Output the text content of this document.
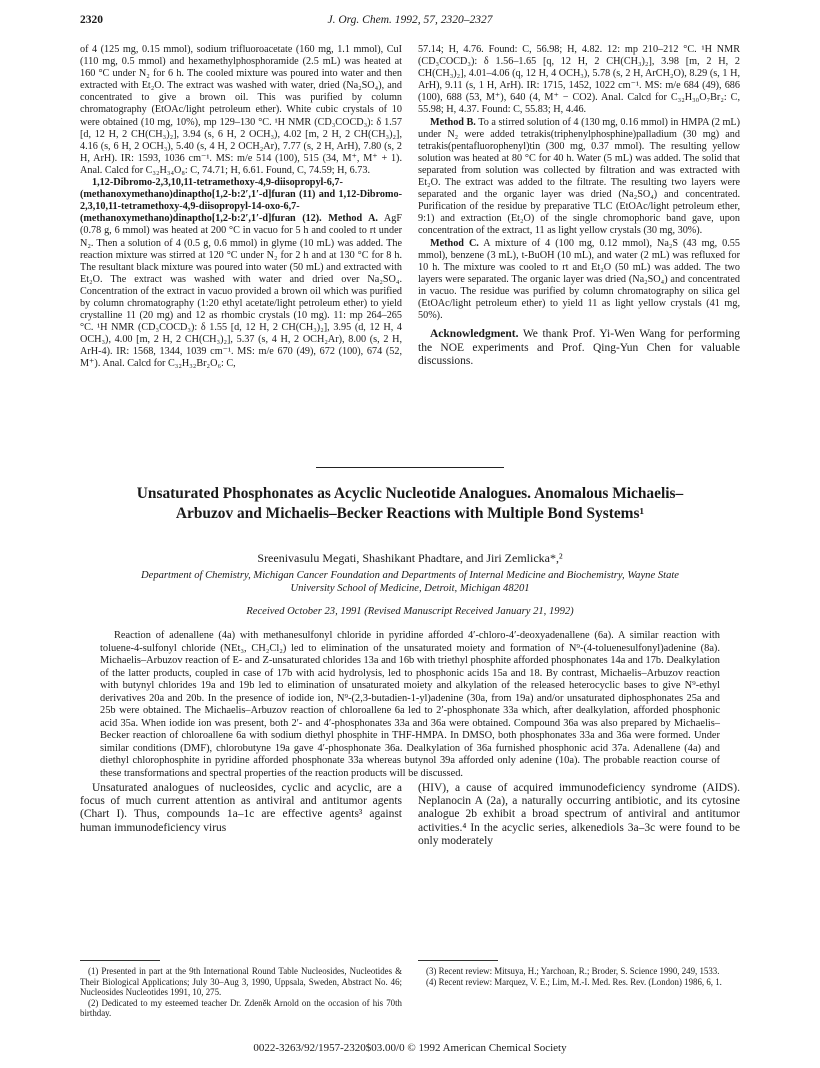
2320	J. Org. Chem. 1992, 57, 2320–2327

of 4 (125 mg, 0.15 mmol), sodium trifluoroacetate (160 mg, 1.1 mmol), CuI (110 mg, 0.5 mmol) and hexamethylphosphoramide (2.5 mL) was heated at 160 °C under N₂ for 6 h. The cooled mixture was poured into water and then extracted with Et₂O. The extract was washed with water, dried (Na₂SO₄), and concentrated to give a brown oil. This was purified by column chromatography (EtOAc/light petroleum ether). White cubic crystals of 10 were obtained (10 mg, 10%), mp 129–130 °C. ¹H NMR (CD₃COCD₃): δ 1.57 [d, 12 H, 2 CH(CH₃)₂], 3.94 (s, 6 H, 2 OCH₃), 4.02 [m, 2 H, 2 CH(CH₃)₂], 4.16 (s, 6 H, 2 OCH₃), 5.40 (s, 4 H, 2 OCH₂Ar), 7.77 (s, 2 H, ArH), 7.80 (s, 2 H, ArH). IR: 1593, 1036 cm⁻¹. MS: m/e 514 (100), 515 (34, M⁺, M⁺ + 1). Anal. Calcd for C₃₂H₃₄O₈: C, 74.71; H, 6.61. Found, C, 74.59; H, 6.73.

1,12-Dibromo-2,3,10,11-tetramethoxy-4,9-diisopropyl-6,7-(methanoxymethano)dinaptho[1,2-b:2′,1′-d]furan (11) and 1,12-Dibromo-2,3,10,11-tetramethoxy-4,9-diisopropyl-14-oxo-6,7-(methanoxymethano)dinaptho[1,2-b:2′,1′-d]furan (12). Method A. AgF (0.78 g, 6 mmol) was heated at 200 °C in vacuo for 5 h and cooled to rt under N₂. Then a solution of 4 (0.5 g, 0.6 mmol) in glyme (10 mL) was added. The reaction mixture was stirred at 120 °C under N₂ for 2 h and at 130 °C for 8 h. The resultant black mixture was poured into water (50 mL) and extracted with Et₂O. The extract was washed with water and dried over Na₂SO₄. Concentration of the extract in vacuo provided a brown oil which was purified by column chromatography (1:20 ethyl acetate/light petroleum ether) to yield crystalline 11 (20 mg) and 12 as rhombic crystals (10 mg). 11: mp 264–265 °C. ¹H NMR (CD₃COCD₃): δ 1.55 [d, 12 H, 2 CH(CH₃)₂], 3.95 (d, 12 H, 4 OCH₃), 4.00 [m, 2 H, 2 CH(CH₃)₂], 5.37 (s, 4 H, 2 OCH₂Ar), 8.00 (s, 2 H, ArH-4). IR: 1568, 1344, 1039 cm⁻¹. MS: m/e 670 (49), 672 (100), 674 (52, M⁺). Anal. Calcd for C₃₂H₃₂Br₂O₆: C,

57.14; H, 4.76. Found: C, 56.98; H, 4.82. 12: mp 210–212 °C. ¹H NMR (CD₃COCD₃): δ 1.56–1.65 [q, 12 H, 2 CH(CH₃)₂], 3.98 [m, 2 H, 2 CH(CH₃)₂], 4.01–4.06 (q, 12 H, 4 OCH₃), 5.78 (s, 2 H, ArCH₂O), 8.29 (s, 1 H, ArH), 9.11 (s, 1 H, ArH). IR: 1715, 1452, 1022 cm⁻¹. MS: m/e 684 (49), 686 (100), 688 (53, M⁺), 640 (4, M⁺ − CO2). Anal. Calcd for C₃₂H₃₀O₇Br₂: C, 55.98; H, 4.37. Found: C, 55.83; H, 4.46.

Method B. To a stirred solution of 4 (130 mg, 0.16 mmol) in HMPA (2 mL) under N₂ were added tetrakis(triphenylphosphine)palladium (30 mg) and tetrakis(pentafluorophenyl)tin (300 mg, 0.37 mmol). The resulting yellow solution was heated at 80 °C for 40 h. Water (5 mL) was added. The solid that separated from solution was collected by filtration and was extracted with Et₂O. The extract was added to the filtrate. The resulting two layers were separated and the organic layer was dried (Na₂SO₄) and concentrated. Purification of the residue by preparative TLC (EtOAc/light petroleum ether, 9:1) and extraction (Et₂O) of the single chromophoric band gave, upon concentration of the extract, 11 as light yellow crystals (30 mg, 30%).

Method C. A mixture of 4 (100 mg, 0.12 mmol), Na₂S (43 mg, 0.55 mmol), benzene (3 mL), t-BuOH (10 mL), and water (2 mL) was refluxed for 10 h. The mixture was cooled to rt and Et₂O (50 mL) was added. The two layers were separated. The organic layer was dried (Na₂SO₄) and concentrated in vacuo. The residue was purified by column chromatography on silica gel (EtOAc/light petroleum ether) to yield 11 as light yellow crystals (41 mg, 50%).

Acknowledgment. We thank Prof. Yi-Wen Wang for performing the NOE experiments and Prof. Qing-Yun Chen for valuable discussions.

Unsaturated Phosphonates as Acyclic Nucleotide Analogues. Anomalous Michaelis–Arbuzov and Michaelis–Becker Reactions with Multiple Bond Systems¹
Sreenivasulu Megati, Shashikant Phadtare, and Jiri Zemlicka*,²
Department of Chemistry, Michigan Cancer Foundation and Departments of Internal Medicine and Biochemistry, Wayne State University School of Medicine, Detroit, Michigan 48201
Received October 23, 1991 (Revised Manuscript Received January 21, 1992)

Reaction of adenallene (4a) with methanesulfonyl chloride in pyridine afforded 4′-chloro-4′-deoxyadenallene (6a). A similar reaction with toluene-4-sulfonyl chloride (NEt₃, CH₂Cl₂) led to elimination of the unsaturated moiety and formation of N⁹-(4-toluenesulfonyl)adenine (8a). Michaelis–Arbuzov reaction of E- and Z-unsaturated chlorides 13a and 16b with triethyl phosphite afforded phosphonates 14a and 17b. Dealkylation of the latter products, coupled in case of 17b with acid hydrolysis, led to phosphonic acids 15a and 18. By contrast, Michaelis–Arbuzov reaction with butynyl chlorides 19a and 19b led to elimination of unsaturated moiety and alkylation of the released heterocyclic bases to give N⁹-ethyl derivatives 20a and 20b. In the presence of iodide ion, N⁹-(2,3-butadien-1-yl)adenine (30a, from 19a) and/or unsaturated diphosphonates 25a and 25b were obtained. The Michaelis–Arbuzov reaction of chloroallene 6a led to 2′-phosphonate 33a which, after dealkylation, afforded phosphonic acid 35a. When iodide ion was present, both 2′- and 4′-phosphonates 33a and 36a were obtained. Compound 36a was also prepared by Michaelis–Becker reaction of chloroallene 6a with sodium diethyl phosphite in THF-HMPA. In DMSO, both phosphonates 33a and 36a were formed. Under similar conditions (DMF), chlorobutyne 19a gave 4′-phosphonate 36a. Dealkylation of 36a furnished phosphonic acid 37a. Adenallene (4a) and diethyl chlorophosphite in pyridine afforded phosphonate 33a whereas butynol 39a afforded only adenine (10a). The probable reaction course of these transformations and spectral properties of the reaction products will be discussed.

Unsaturated analogues of nucleosides, cyclic and acyclic, are a focus of much current attention as antiviral and antitumor agents (Chart I). Thus, compounds 1a–1c are effective agents³ against human immunodeficiency virus

(HIV), a cause of acquired immunodeficiency syndrome (AIDS). Neplanocin A (2a), a naturally occurring antibiotic, and its cytosine analogue 2b exhibit a broad spectrum of antiviral and antitumor activities.⁴ In the acyclic series, alkenediols 3a–3c were found to be only moderately

(1) Presented in part at the 9th International Round Table Nucleosides, Nucleotides & Their Biological Applications; July 30–Aug 3, 1990, Uppsala, Sweden, Abstract No. 46; Nucleosides Nucleotides 1991, 10, 275.

(2) Dedicated to my esteemed teacher Dr. Zdeněk Arnold on the occasion of his 70th birthday.

(3) Recent review: Mitsuya, H.; Yarchoan, R.; Broder, S. Science 1990, 249, 1533.

(4) Recent review: Marquez, V. E.; Lim, M.-I. Med. Res. Rev. (London) 1986, 6, 1.

0022-3263/92/1957-2320$03.00/0 © 1992 American Chemical Society
